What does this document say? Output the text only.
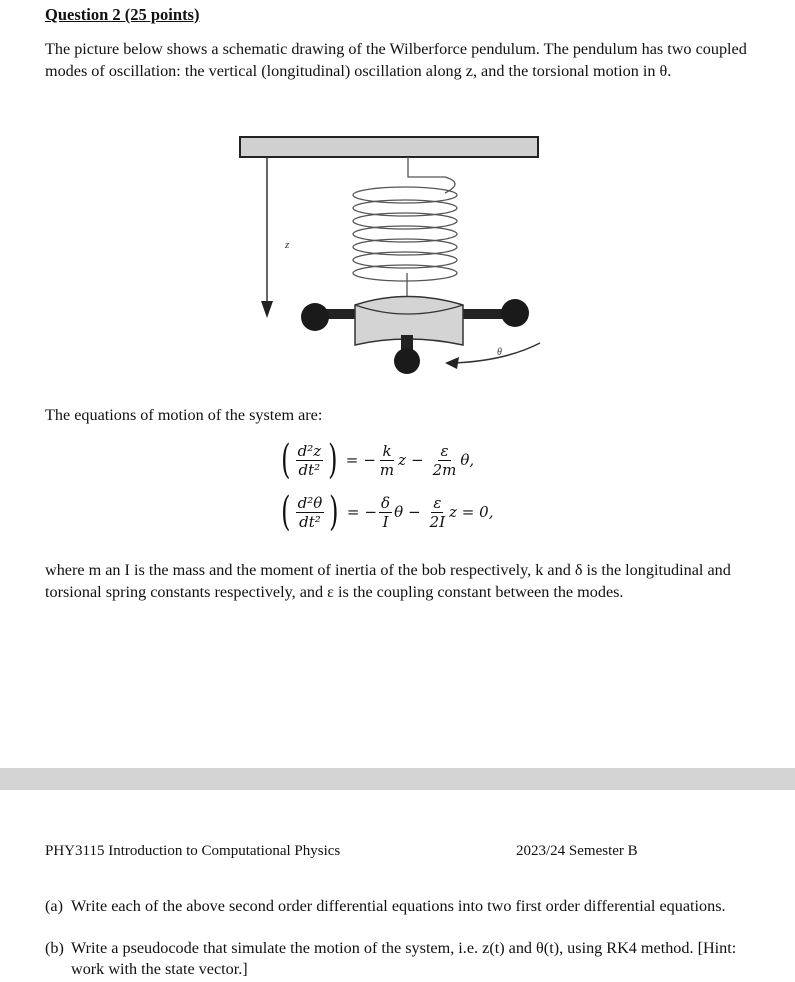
Question 2 (25 points)
The picture below shows a schematic drawing of the Wilberforce pendulum. The pendulum has two coupled modes of oscillation: the vertical (longitudinal) oscillation along z, and the torsional motion in θ.
z
θ
The equations of motion of the system are:
( $\frac{\text{d²z}}{\text{dt²}}$ ) = − $\frac{k}{m}$ $z - \frac{\varepsilon}{2m} \theta$,
( $\frac{\text{d²θ}}{\text{dt²}}$ ) = − $\frac{\delta}{I}$ $\theta - \frac{\varepsilon}{2I}$ z = 0,
where m an I is the mass and the moment of inertia of the bob respectively, k and δ is the longitudinal and torsional spring constants respectively, and ε is the coupling constant between the modes.
PHY3115 Introduction to Computational Physics	2023/24 Semester B
(a) Write each of the above second order differential equations into two first order differential equations.
(b) Write a pseudocode that simulate the motion of the system, i.e. z(t) and θ(t), using RK4 method. [Hint: work with the state vector.]
